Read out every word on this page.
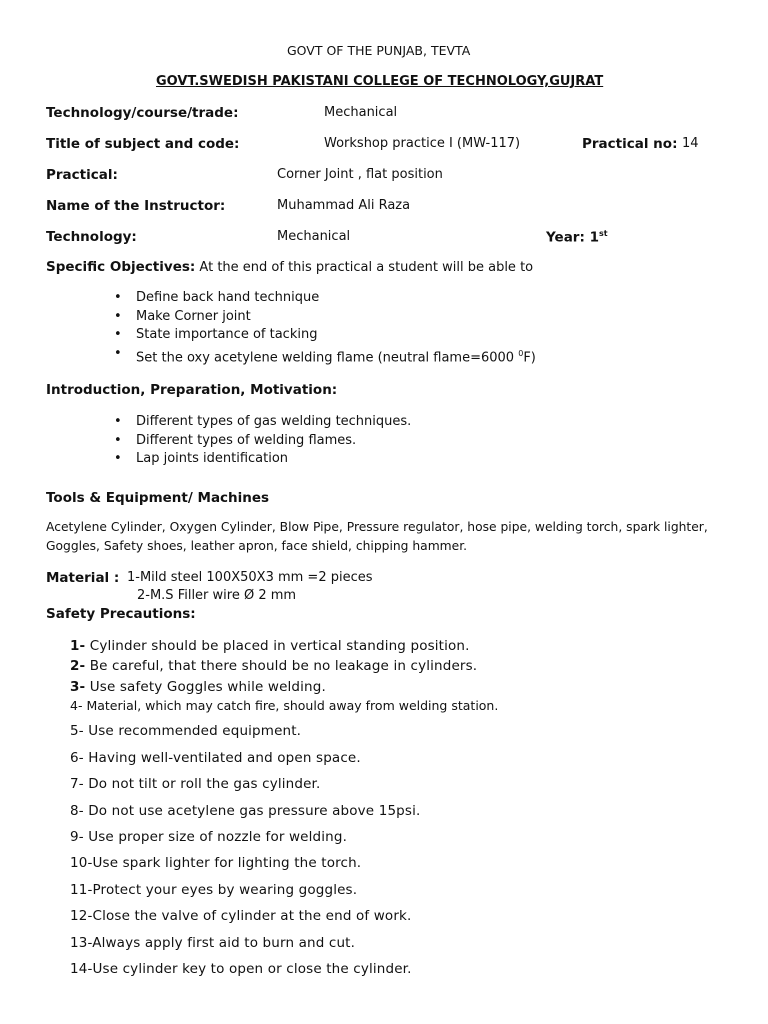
GOVT OF THE PUNJAB, TEVTA
GOVT.SWEDISH PAKISTANI COLLEGE OF TECHNOLOGY,GUJRAT
Technology/course/trade:	Mechanical
Title of subject and code:	Workshop practice I (MW-117)	Practical no: 14
Practical:	Corner Joint , flat position
Name of the Instructor:	Muhammad Ali Raza
Technology:	Mechanical	Year: 1st
Specific Objectives: At the end of this practical a student will be able to
• Define back hand technique
• Make Corner joint
• State importance of tacking
• Set the oxy acetylene welding flame (neutral flame=6000 $^0$F)
Introduction, Preparation, Motivation:
• Different types of gas welding techniques.
• Different types of welding flames.
• Lap joints identification
Tools & Equipment/ Machines
Acetylene Cylinder, Oxygen Cylinder, Blow Pipe, Pressure regulator, hose pipe, welding torch, spark lighter,
Goggles, Safety shoes, leather apron, face shield, chipping hammer.
Material : 1-Mild steel 100X50X3 mm =2 pieces
2-M.S Filler wire Ø 2 mm
Safety Precautions:
1- Cylinder should be placed in vertical standing position.
2- Be careful, that there should be no leakage in cylinders.
3- Use safety Goggles while welding.
4- Material, which may catch fire, should away from welding station.
5- Use recommended equipment.
6- Having well-ventilated and open space.
7- Do not tilt or roll the gas cylinder.
8- Do not use acetylene gas pressure above 15psi.
9- Use proper size of nozzle for welding.
10-Use spark lighter for lighting the torch.
11-Protect your eyes by wearing goggles.
12-Close the valve of cylinder at the end of work.
13-Always apply first aid to burn and cut.
14-Use cylinder key to open or close the cylinder.
